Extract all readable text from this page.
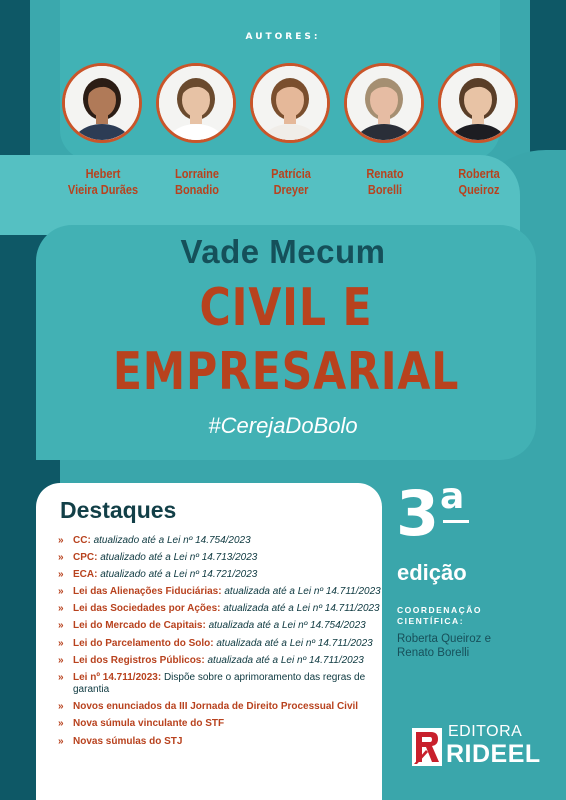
AUTORES:
Hebert
Vieira Durães
Lorraine
Bonadio
Patrícia
Dreyer
Renato
Borelli
Roberta
Queiroz
Vade Mecum
CIVIL E
EMPRESARIAL
#CerejaDoBolo
Destaques
» CC: atualizado até a Lei nº 14.754/2023
» CPC: atualizado até a Lei nº 14.713/2023
» ECA: atualizado até a Lei nº 14.721/2023
» Lei das Alienações Fiduciárias: atualizada até a Lei nº 14.711/2023
» Lei das Sociedades por Ações: atualizada até a Lei nº 14.711/2023
» Lei do Mercado de Capitais: atualizada até a Lei nº 14.754/2023
» Lei do Parcelamento do Solo: atualizada até a Lei nº 14.711/2023
» Lei dos Registros Públicos: atualizada até a Lei nº 14.711/2023
» Lei nº 14.711/2023: Dispõe sobre o aprimoramento das regras de garantia
» Novos enunciados da III Jornada de Direito Processual Civil
» Nova súmula vinculante do STF
» Novas súmulas do STJ
3 a
edição
COORDENAÇÃO
CIENTÍFICA:
Roberta Queiroz e
Renato Borelli
EDITORA
RIDEEL
